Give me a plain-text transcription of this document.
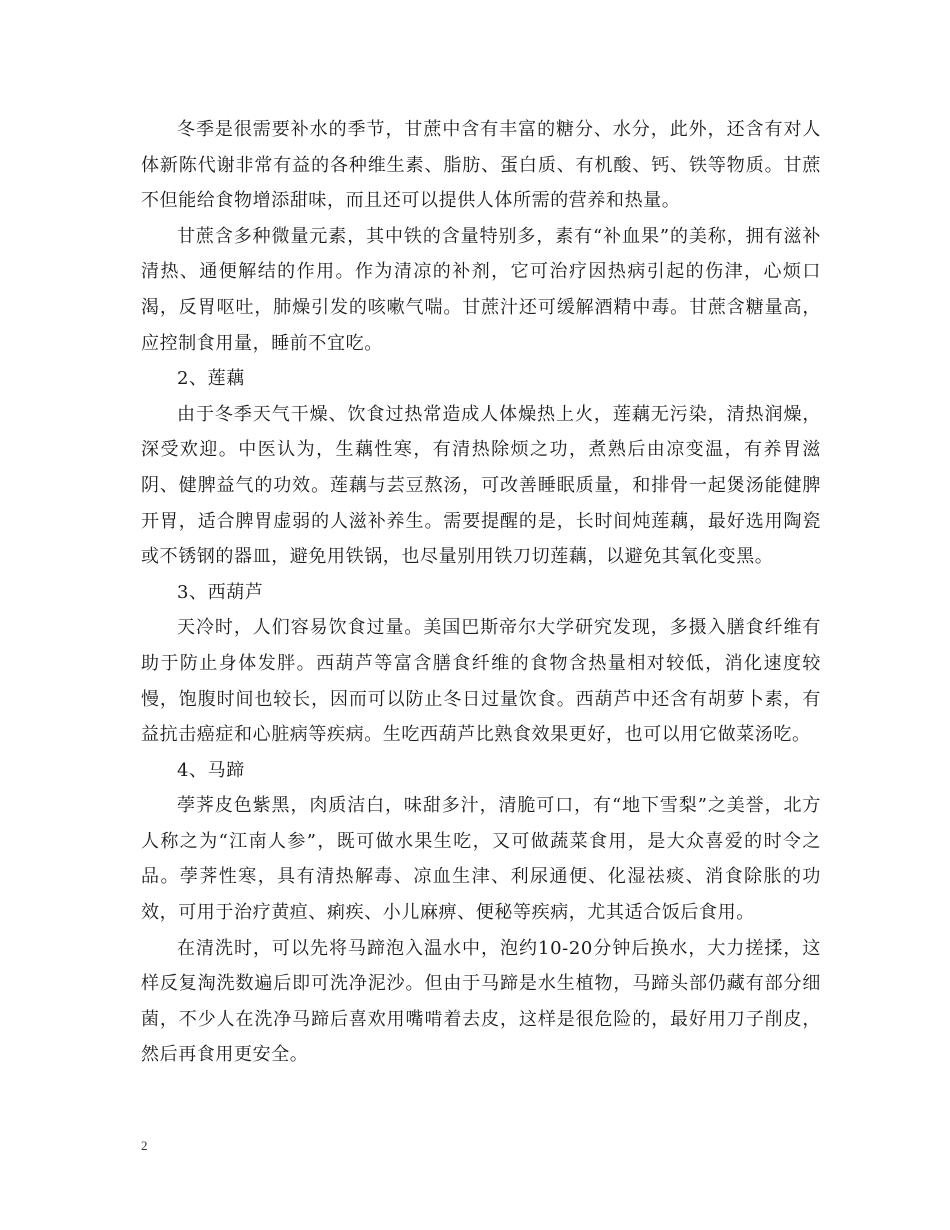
冬季是很需要补水的季节，甘蔗中含有丰富的糖分、水分，此外，还含有对人体新陈代谢非常有益的各种维生素、脂肪、蛋白质、有机酸、钙、铁等物质。甘蔗不但能给食物增添甜味，而且还可以提供人体所需的营养和热量。

甘蔗含多种微量元素，其中铁的含量特别多，素有“补血果”的美称，拥有滋补清热、通便解结的作用。作为清凉的补剂，它可治疗因热病引起的伤津，心烦口渴，反胃呕吐，肺燥引发的咳嗽气喘。甘蔗汁还可缓解酒精中毒。甘蔗含糖量高，应控制食用量，睡前不宜吃。

2、莲藕

由于冬季天气干燥、饮食过热常造成人体燥热上火，莲藕无污染，清热润燥，深受欢迎。中医认为，生藕性寒，有清热除烦之功，煮熟后由凉变温，有养胃滋阴、健脾益气的功效。莲藕与芸豆熬汤，可改善睡眠质量，和排骨一起煲汤能健脾开胃，适合脾胃虚弱的人滋补养生。需要提醒的是，长时间炖莲藕，最好选用陶瓷或不锈钢的器皿，避免用铁锅，也尽量别用铁刀切莲藕，以避免其氧化变黑。

3、西葫芦

天冷时，人们容易饮食过量。美国巴斯帝尔大学研究发现，多摄入膳食纤维有助于防止身体发胖。西葫芦等富含膳食纤维的食物含热量相对较低，消化速度较慢，饱腹时间也较长，因而可以防止冬日过量饮食。西葫芦中还含有胡萝卜素，有益抗击癌症和心脏病等疾病。生吃西葫芦比熟食效果更好，也可以用它做菜汤吃。

4、马蹄

荸荠皮色紫黑，肉质洁白，味甜多汁，清脆可口，有“地下雪梨”之美誉，北方人称之为“江南人参”，既可做水果生吃，又可做蔬菜食用，是大众喜爱的时令之品。荸荠性寒，具有清热解毒、凉血生津、利尿通便、化湿祛痰、消食除胀的功效，可用于治疗黄疸、痢疾、小儿麻痹、便秘等疾病，尤其适合饭后食用。

在清洗时，可以先将马蹄泡入温水中，泡约10-20分钟后换水，大力搓揉，这样反复淘洗数遍后即可洗净泥沙。但由于马蹄是水生植物，马蹄头部仍藏有部分细菌，不少人在洗净马蹄后喜欢用嘴啃着去皮，这样是很危险的，最好用刀子削皮，然后再食用更安全。

2
